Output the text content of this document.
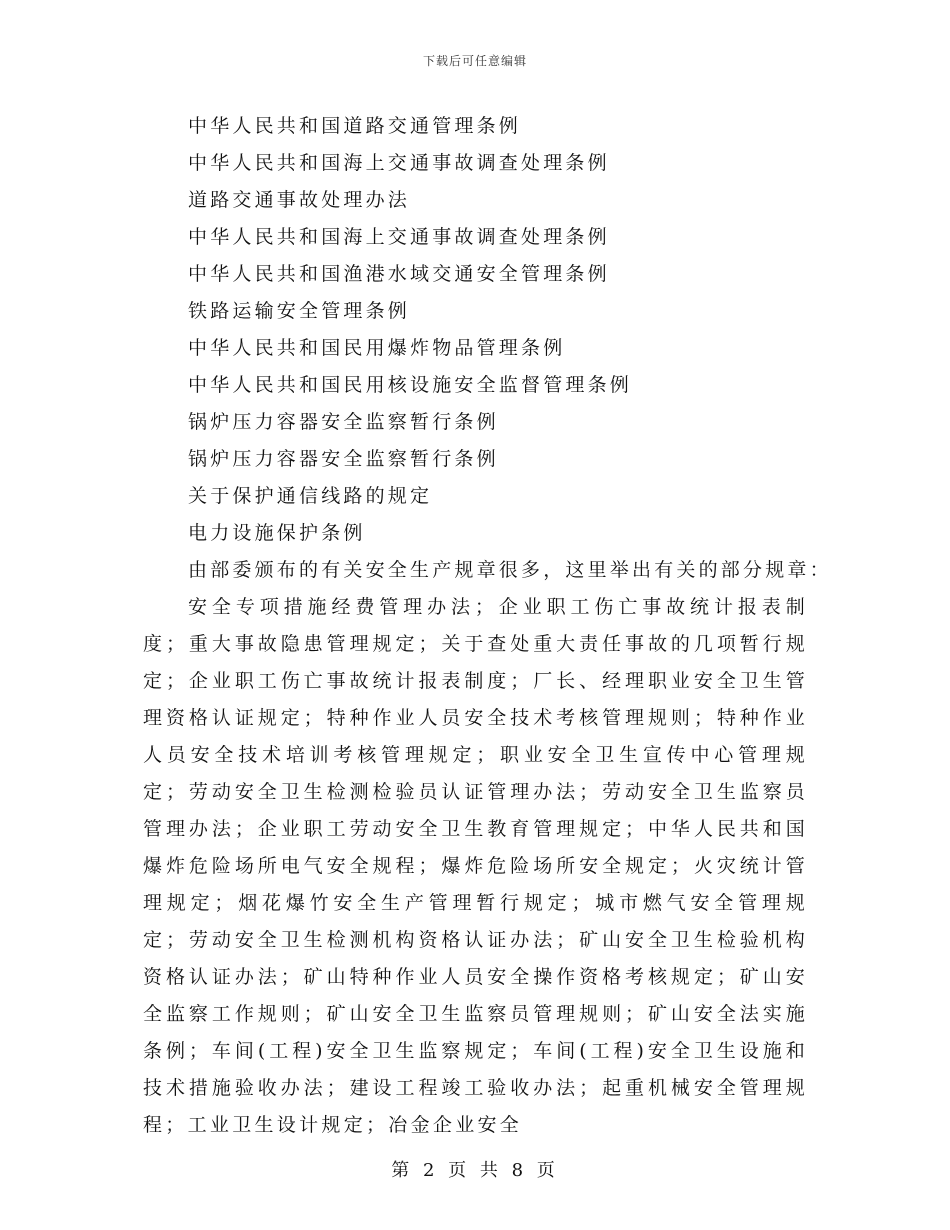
下载后可任意编辑
中华人民共和国道路交通管理条例
中华人民共和国海上交通事故调查处理条例
道路交通事故处理办法
中华人民共和国海上交通事故调查处理条例
中华人民共和国渔港水域交通安全管理条例
铁路运输安全管理条例
中华人民共和国民用爆炸物品管理条例
中华人民共和国民用核设施安全监督管理条例
锅炉压力容器安全监察暂行条例
锅炉压力容器安全监察暂行条例
关于保护通信线路的规定
电力设施保护条例
由部委颁布的有关安全生产规章很多，这里举出有关的部分规章：

安全专项措施经费管理办法；企业职工伤亡事故统计报表制度；重大事故隐患管理规定；关于查处重大责任事故的几项暂行规定；企业职工伤亡事故统计报表制度；厂长、经理职业安全卫生管理资格认证规定；特种作业人员安全技术考核管理规则；特种作业人员安全技术培训考核管理规定；职业安全卫生宣传中心管理规定；劳动安全卫生检测检验员认证管理办法；劳动安全卫生监察员管理办法；企业职工劳动安全卫生教育管理规定；中华人民共和国爆炸危险场所电气安全规程；爆炸危险场所安全规定；火灾统计管理规定；烟花爆竹安全生产管理暂行规定；城市燃气安全管理规定；劳动安全卫生检测机构资格认证办法；矿山安全卫生检验机构资格认证办法；矿山特种作业人员安全操作资格考核规定；矿山安全监察工作规则；矿山安全卫生监察员管理规则；矿山安全法实施条例；车间(工程)安全卫生监察规定；车间(工程)安全卫生设施和技术措施验收办法；建设工程竣工验收办法；起重机械安全管理规程；工业卫生设计规定；冶金企业安全

第 2 页 共 8 页
